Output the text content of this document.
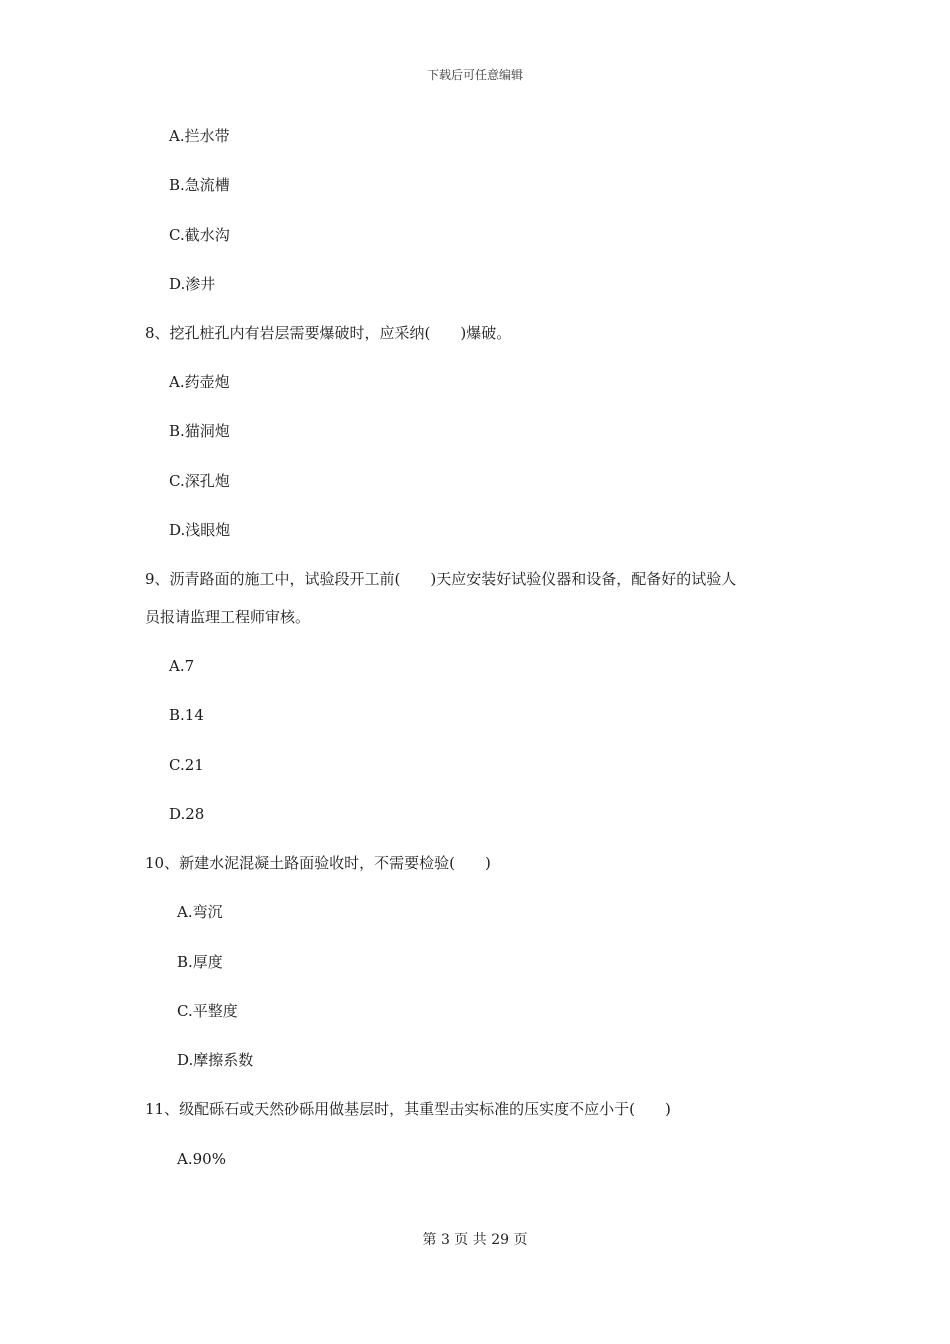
下载后可任意编辑
A.拦水带
B.急流槽
C.截水沟
D.渗井
8、挖孔桩孔内有岩层需要爆破时，应采纳(　　)爆破。
A.药壶炮
B.猫洞炮
C.深孔炮
D.浅眼炮
9、沥青路面的施工中，试验段开工前(　　)天应安装好试验仪器和设备，配备好的试验人
员报请监理工程师审核。
A.7
B.14
C.21
D.28
10、新建水泥混凝土路面验收时，不需要检验(　　)
A.弯沉
B.厚度
C.平整度
D.摩擦系数
11、级配砾石或天然砂砾用做基层时，其重型击实标准的压实度不应小于(　　)
A.90%
第 3 页 共 29 页
